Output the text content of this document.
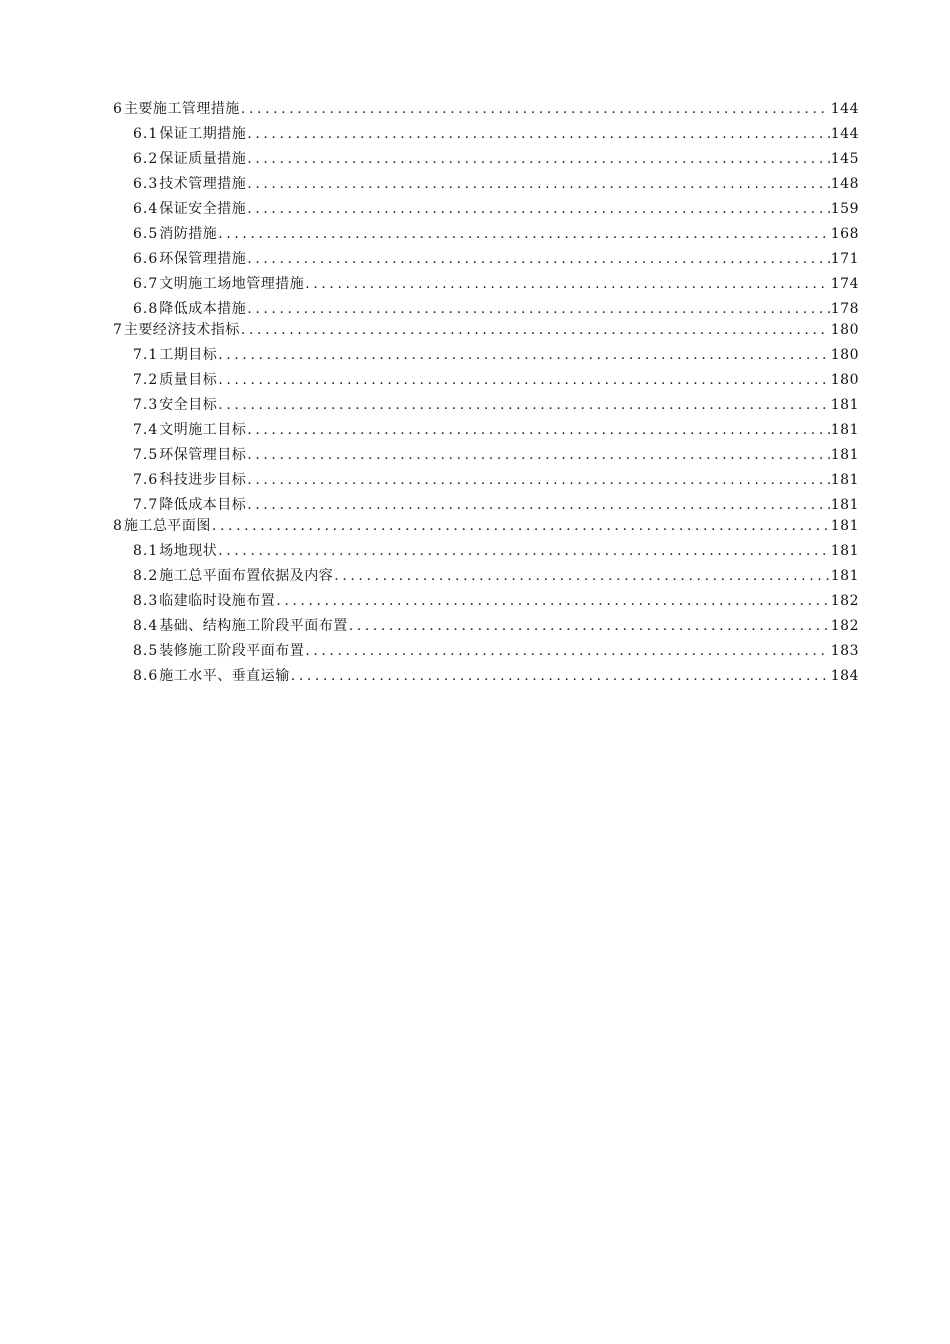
6 主要施工管理措施 .....	144
6.1 保证工期措施 .....	144
6.2 保证质量措施 .....	145
6.3 技术管理措施 .....	148
6.4 保证安全措施 .....	159
6.5 消防措施 .....	168
6.6 环保管理措施 .....	171
6.7 文明施工场地管理措施 .....	174
6.8 降低成本措施 .....	178
7 主要经济技术指标 .....	180
7.1 工期目标 .....	180
7.2 质量目标 .....	180
7.3 安全目标 .....	181
7.4 文明施工目标 .....	181
7.5 环保管理目标 .....	181
7.6 科技进步目标 .....	181
7.7 降低成本目标 .....	181
8 施工总平面图 .....	181
8.1 场地现状 .....	181
8.2 施工总平面布置依据及内容 .....	181
8.3 临建临时设施布置 .....	182
8.4 基础、结构施工阶段平面布置 .....	182
8.5 装修施工阶段平面布置 .....	183
8.6 施工水平、垂直运输 .....	184
